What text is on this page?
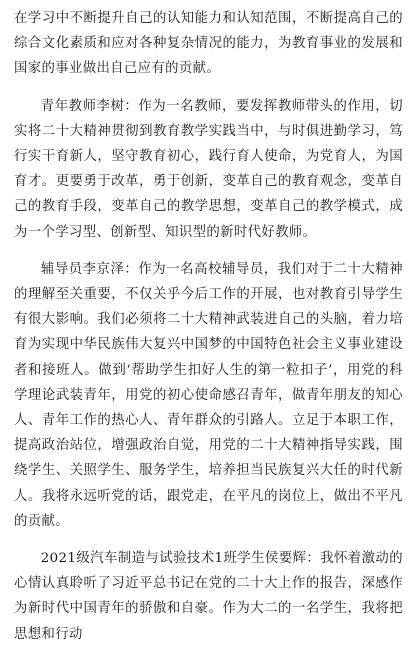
在学习中不断提升自己的认知能力和认知范围，不断提高自己的综合文化素质和应对各种复杂情况的能力，为教育事业的发展和国家的事业做出自己应有的贡献。

青年教师李树：作为一名教师，要发挥教师带头的作用，切实将二十大精神贯彻到教育教学实践当中，与时俱进勤学习，笃行实干育新人，坚守教育初心，践行育人使命，为党育人，为国育才。更要勇于改革，勇于创新，变革自己的教育观念，变革自己的教育手段，变革自己的教学思想，变革自己的教学模式，成为一个学习型、创新型、知识型的新时代好教师。

辅导员李京泽：作为一名高校辅导员，我们对于二十大精神的理解至关重要，不仅关乎今后工作的开展，也对教育引导学生有很大影响。我们必须将二十大精神武装进自己的头脑，着力培育为实现中华民族伟大复兴中国梦的中国特色社会主义事业建设者和接班人。做到‘帮助学生扣好人生的第一粒扣子’，用党的科学理论武装青年，用党的初心使命感召青年，做青年朋友的知心人、青年工作的热心人、青年群众的引路人。立足于本职工作，提高政治站位，增强政治自觉，用党的二十大精神指导实践，围绕学生、关照学生、服务学生，培养担当民族复兴大任的时代新人。我将永远听党的话，跟党走，在平凡的岗位上，做出不平凡的贡献。

2021级汽车制造与试验技术1班学生侯要辉：我怀着激动的心情认真聆听了习近平总书记在党的二十大上作的报告，深感作为新时代中国青年的骄傲和自豪。作为大二的一名学生，我将把思想和行动
